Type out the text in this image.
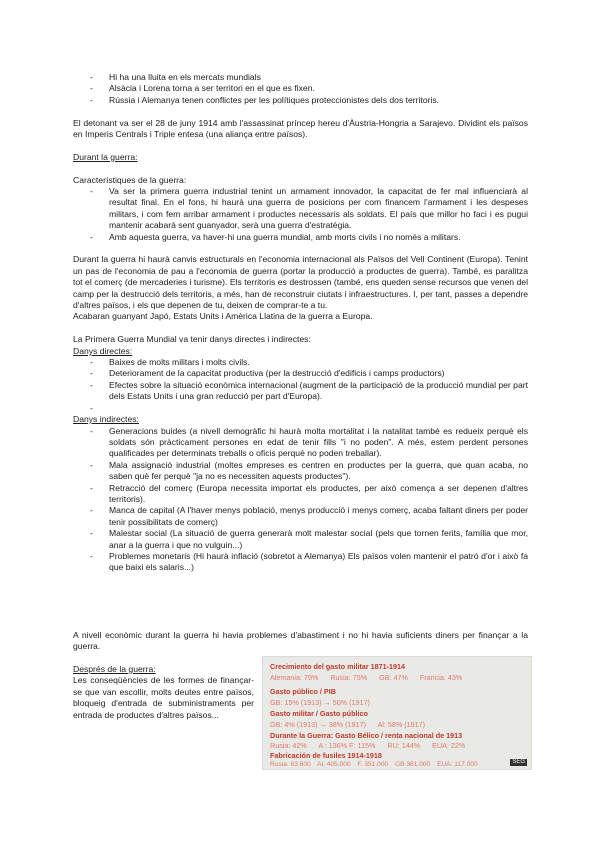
- Hi ha una lluita en els mercats mundials
- Alsàcia i Lorena torna a ser territori en el que es fixen.
- Rússia i Alemanya tenen conflictes per les polítiques proteccionistes dels dos territoris.

El detonant va ser el 28 de juny 1914 amb l'assassinat príncep hereu d'Àustria-Hongria a Sarajevo. Dividint els països en Imperis Centrals i Triple entesa (una aliança entre països).

Durant la guerra:

Característiques de la guerra:

- Va ser la primera guerra industrial tenint un armament innovador, la capacitat de fer mal influenciarà al resultat final. En el fons, hi haurà una guerra de posicions per com financem l'armament i les despeses militars, i com fem arribar armament i productes necessaris als soldats. El país que millor ho faci i es pugui mantenir acabarà sent guanyador, serà una guerra d'estratègia.
- Amb aquesta guerra, va haver-hi una guerra mundial, amb morts civils i no només a militars.

Durant la guerra hi haurà canvis estructurals en l'economia internacional als Països del Vell Continent (Europa). Tenint un pas de l'economia de pau a l'economia de guerra (portar la producció a productes de guerra). També, es paralitza tot el comerç (de mercaderies i turisme). Els territoris es destrossen (també, ens queden sense recursos que venen del camp per la destrucció dels territoris, a més, han de reconstruir ciutats i infraestructures. I, per tant, passes a dependre d'altres països, i els que depenen de tu, deixen de comprar-te a tu.

Acabaran guanyant Japó, Estats Units i Amèrica Llatina de la guerra a Europa.

La Primera Guerra Mundial va tenir danys directes i indirectes:

Danys directes:

- Baixes de molts militars i molts civils.
- Deteriorament de la capacitat productiva (per la destrucció d'edificis i camps productors)
- Efectes sobre la situació econòmica internacional (augment de la participació de la producció mundial per part dels Estats Units i una gran reducció per part d'Europa).
-

Danys indirectes:

- Generacions buides (a nivell demogràfic hi haurà molta mortalitat i la natalitat també es redueix perquè els soldats són pràcticament persones en edat de tenir fills "i no poden". A més, estem perdent persones qualificades per determinats treballs o oficis perquè no poden treballar).
- Mala assignació industrial (moltes empreses es centren en productes per la guerra, que quan acaba, no saben què fer perquè "ja no es necessiten aquests productes").
- Retracció del comerç (Europa necessita importat els productes, per això comença a ser depenen d'altres territoris).
- Manca de capital (A l'haver menys població, menys producció i menys comerç, acaba faltant diners per poder tenir possibilitats de comerç)
- Malestar social (La situació de guerra generarà molt malestar social (pels que tornen ferits, família que mor, anar a la guerra i que no vulguin...)
- Problemes monetaris (Hi haurà inflació (sobretot a Alemanya) Els països volen mantenir el patró d'or i això fa que baixi els salaris...)

A nivell econòmic durant la guerra hi havia problemes d'abastiment i no hi havia suficients diners per finançar a la guerra.

Després de la guerra:

Les conseqüències de les formes de finançar-se que van escollir, molts deutes entre països, bloqueig d'entrada de subministraments per entrada de productes d'altres països...

Crecimiento del gasto militar 1871-1914
Alemania: 79% Rusia: 75% GB: 47% Francia: 43%
Gasto público / PIB
GB: 15% (1913) → 50% (1917)
Gasto militar / Gasto público
GB: 4% (1913) → 38% (1917) Al: 58% (1917)
Durante la Guerra: Gasto Bélico / renta nacional de 1913
Rusia: 42% A : 136% F: 115% RU: 144% EUA: 22%
Fabricación de fusiles 1914-1918
Rusia: 63.600 Al. 405.000 F. 351.000 GB 361.000 EUA: 117.000	SEG
